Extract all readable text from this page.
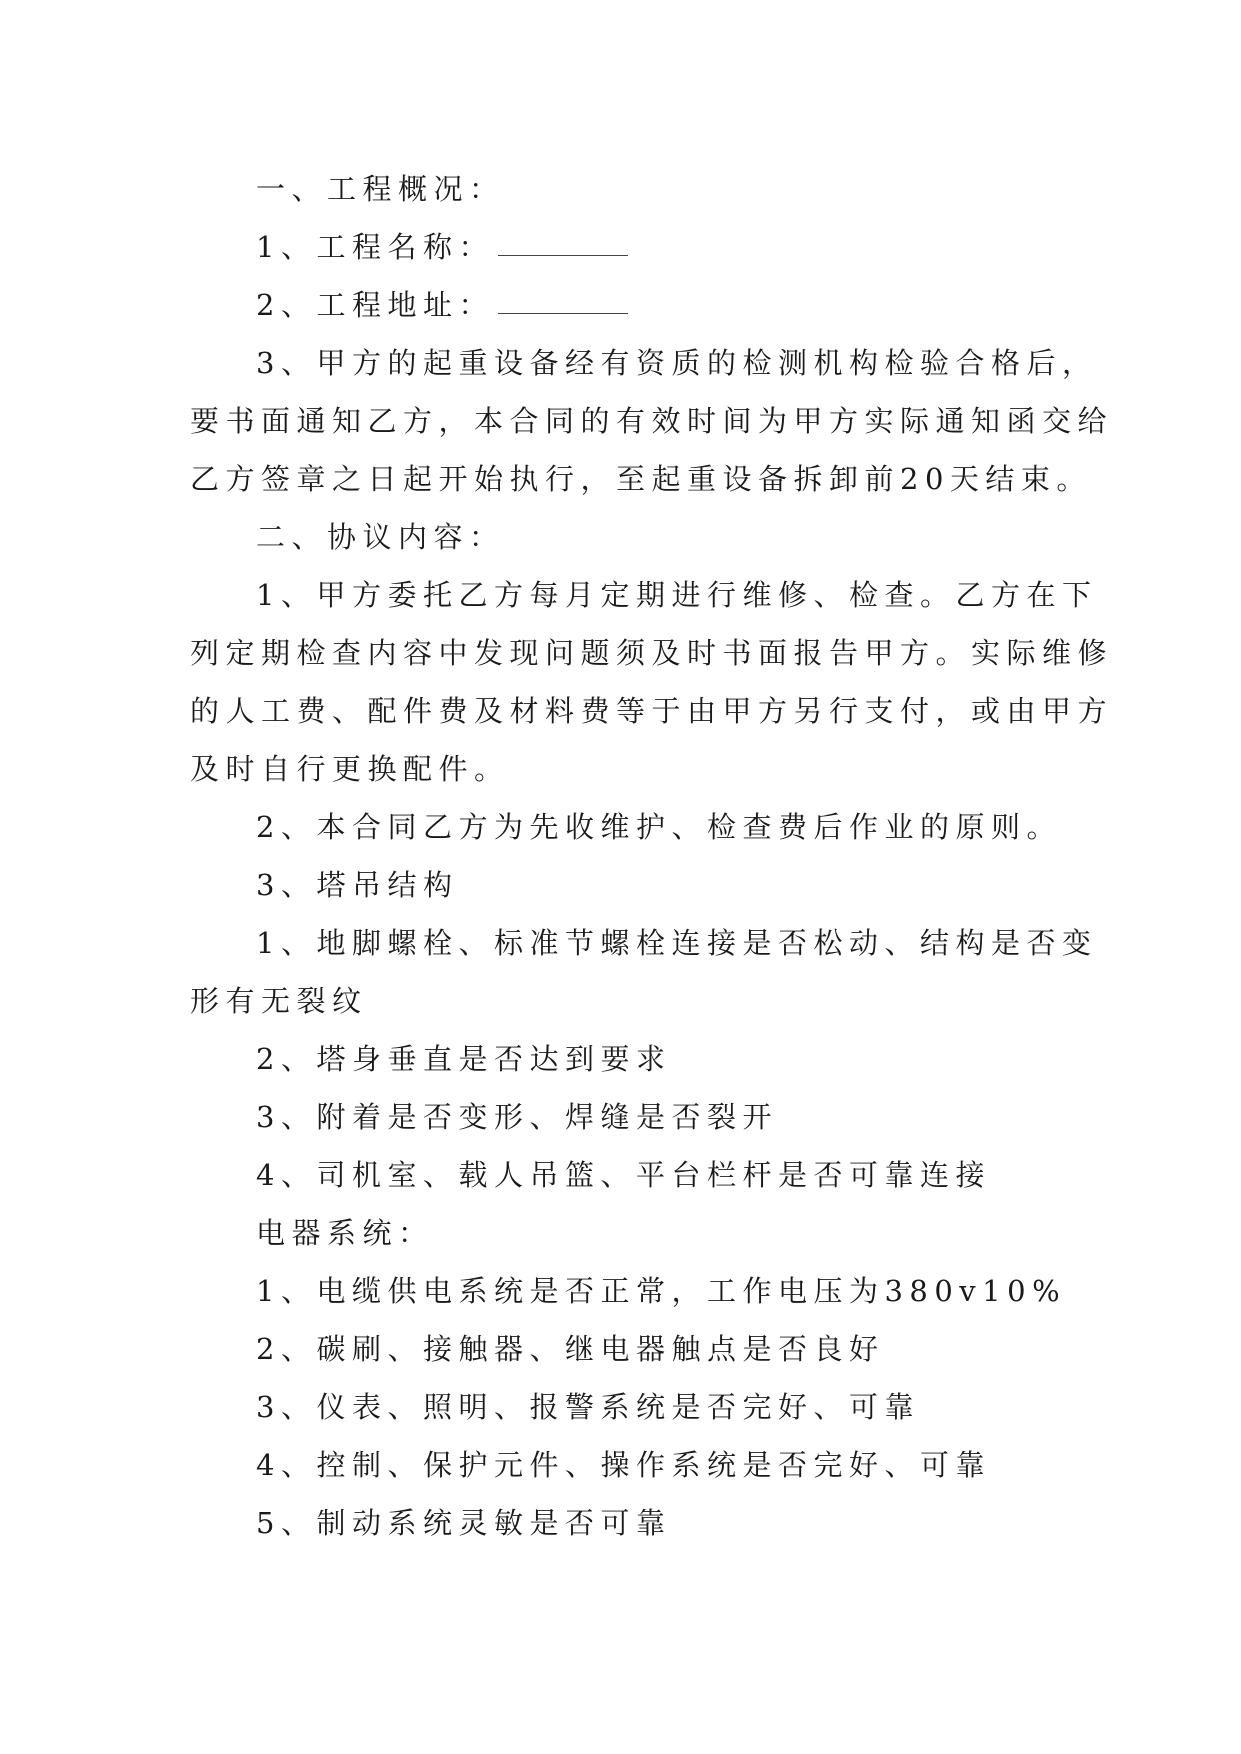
一、工程概况：
1、工程名称：
2、工程地址：
3、甲方的起重设备经有资质的检测机构检验合格后，
要书面通知乙方，本合同的有效时间为甲方实际通知函交给
乙方签章之日起开始执行，至起重设备拆卸前20天结束。
二、协议内容：
1、甲方委托乙方每月定期进行维修、检查。乙方在下
列定期检查内容中发现问题须及时书面报告甲方。实际维修
的人工费、配件费及材料费等于由甲方另行支付，或由甲方
及时自行更换配件。
2、本合同乙方为先收维护、检查费后作业的原则。
3、塔吊结构
1、地脚螺栓、标准节螺栓连接是否松动、结构是否变
形有无裂纹
2、塔身垂直是否达到要求
3、附着是否变形、焊缝是否裂开
4、司机室、载人吊篮、平台栏杆是否可靠连接
电器系统：
1、电缆供电系统是否正常，工作电压为380v10%
2、碳刷、接触器、继电器触点是否良好
3、仪表、照明、报警系统是否完好、可靠
4、控制、保护元件、操作系统是否完好、可靠
5、制动系统灵敏是否可靠
